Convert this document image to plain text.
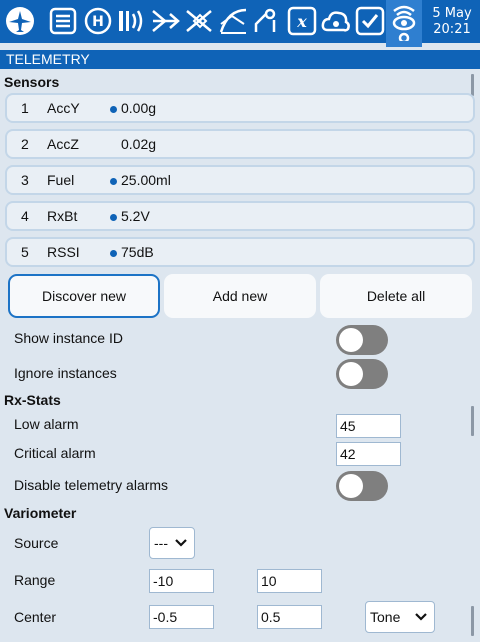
H	x	5 May
20:21
TELEMETRY
Sensors
1 AccY	0.00g
2 AccZ	0.02g
3 Fuel	25.00ml
4 RxBt	5.2V
5 RSSI	75dB
Discover new	Add new	Delete all
Show instance ID
Ignore instances
Rx-Stats
Low alarm	45
Critical alarm	42
Disable telemetry alarms
Variometer
Source	---
Range	-10	10
Center	-0.5	0.5	Tone
